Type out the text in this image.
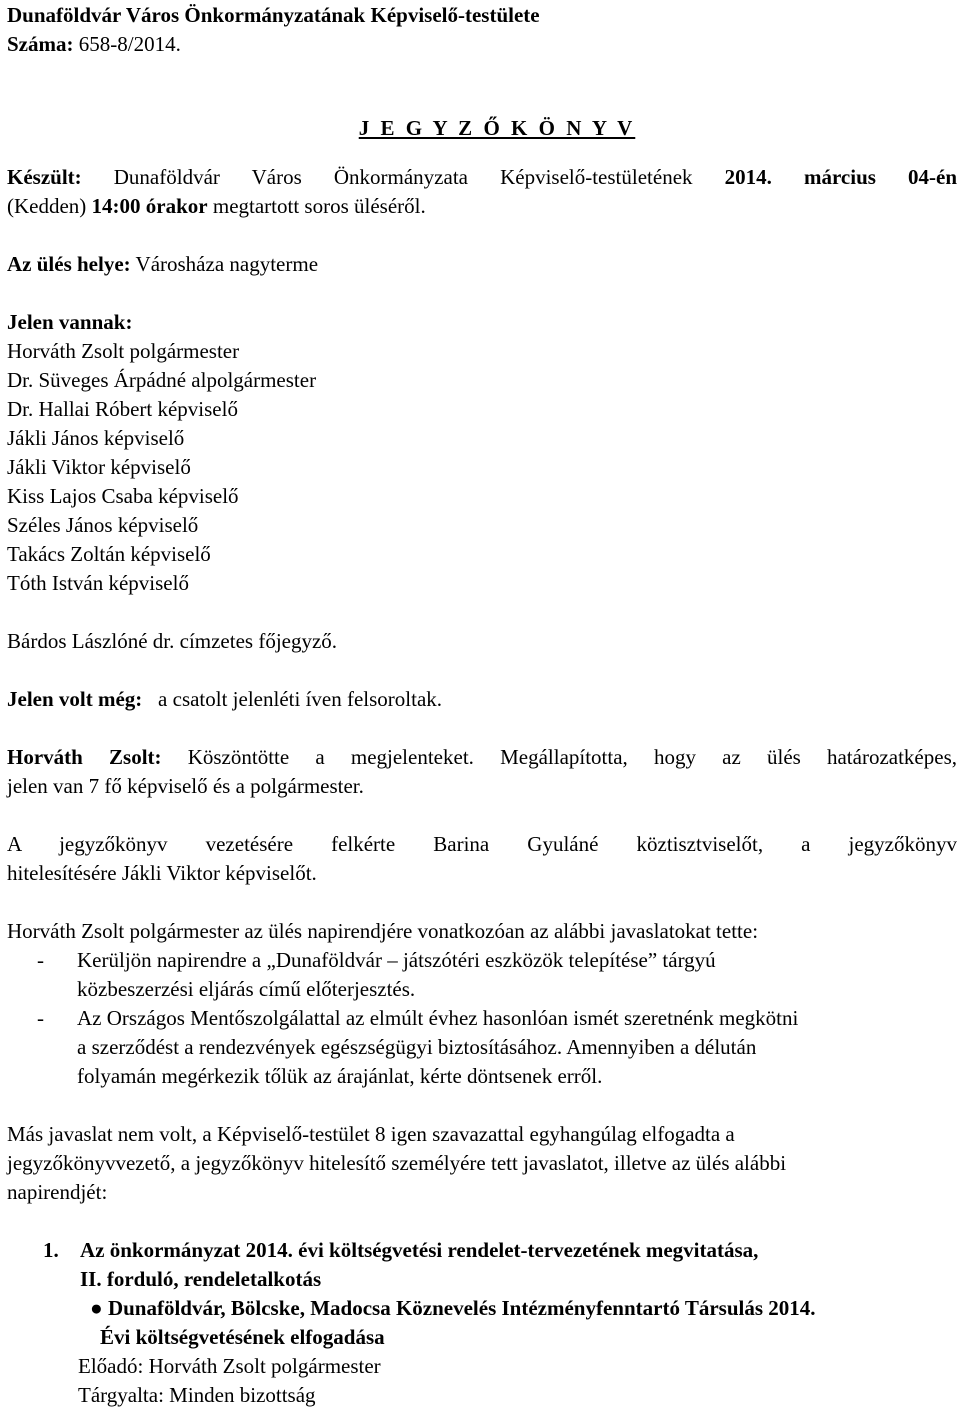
Dunaföldvár Város Önkormányzatának Képviselő-testülete
Száma: 658-8/2014.
J E G Y Z Ő K Ö N Y V
Készült: Dunaföldvár Város Önkormányzata Képviselő-testületének 2014. március 04-én
(Kedden) 14:00 órakor megtartott soros üléséről.
Az ülés helye: Városháza nagyterme
Jelen vannak:
Horváth Zsolt polgármester
Dr. Süveges Árpádné alpolgármester
Dr. Hallai Róbert képviselő
Jákli János képviselő
Jákli Viktor képviselő
Kiss Lajos Csaba képviselő
Széles János képviselő
Takács Zoltán képviselő
Tóth István képviselő
Bárdos Lászlóné dr. címzetes főjegyző.
Jelen volt még: a csatolt jelenléti íven felsoroltak.
Horváth Zsolt: Köszöntötte a megjelenteket. Megállapította, hogy az ülés határozatképes,
jelen van 7 fő képviselő és a polgármester.
A jegyzőkönyv vezetésére felkérte Barina Gyuláné köztisztviselőt, a jegyzőkönyv
hitelesítésére Jákli Viktor képviselőt.
Horváth Zsolt polgármester az ülés napirendjére vonatkozóan az alábbi javaslatokat tette:
-	Kerüljön napirendre a „Dunaföldvár – játszótéri eszközök telepítése” tárgyú
közbeszerzési eljárás című előterjesztés.
-	Az Országos Mentőszolgálattal az elmúlt évhez hasonlóan ismét szeretnénk megkötni
a szerződést a rendezvények egészségügyi biztosításához. Amennyiben a délután
folyamán megérkezik tőlük az árajánlat, kérte döntsenek erről.
Más javaslat nem volt, a Képviselő-testület 8 igen szavazattal egyhangúlag elfogadta a
jegyzőkönyvvezető, a jegyzőkönyv hitelesítő személyére tett javaslatot, illetve az ülés alábbi
napirendjét:
1.	Az önkormányzat 2014. évi költségvetési rendelet-tervezetének megvitatása,
II. forduló, rendeletalkotás
● Dunaföldvár, Bölcske, Madocsa Köznevelés Intézményfenntartó Társulás 2014.
Évi költségvetésének elfogadása
Előadó: Horváth Zsolt polgármester
Tárgyalta: Minden bizottság
